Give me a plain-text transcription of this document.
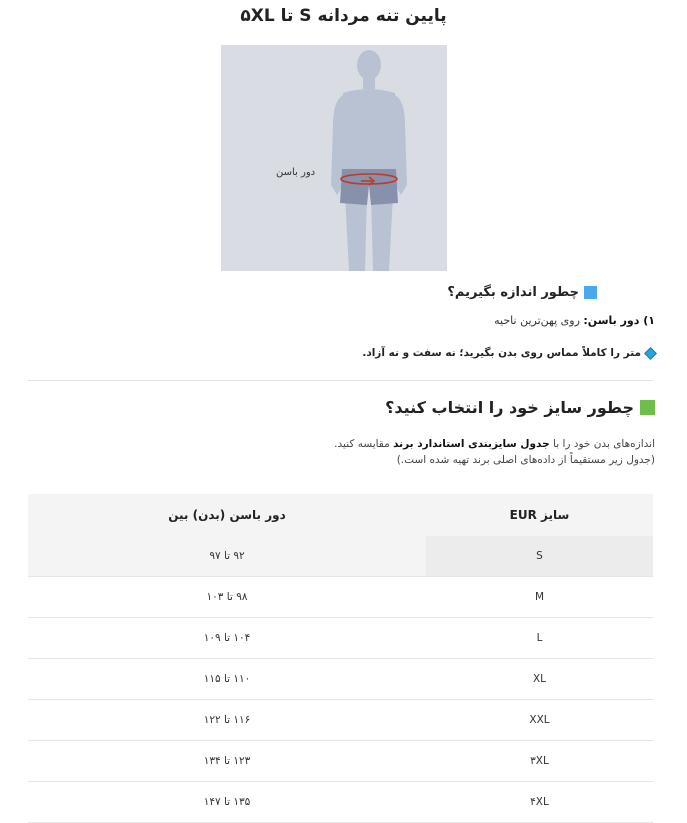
پایین تنه مردانه S تا ۵XL
دور باسن
چطور اندازه بگیریم؟
۱) دور باسن: روی پهن‌ترین ناحیه
متر را کاملاً مماس روی بدن بگیرید؛ نه سفت و نه آزاد.
چطور سایز خود را انتخاب کنید؟
اندازه‌های بدن خود را با جدول سایزبندی استاندارد برند مقایسه کنید.
(جدول زیر مستقیماً از داده‌های اصلی برند تهیه شده است.)
سایز EUR
دور باسن (بدن) بین
S
۹۲ تا ۹۷
M
۹۸ تا ۱۰۳
L
۱۰۴ تا ۱۰۹
XL
۱۱۰ تا ۱۱۵
XXL
۱۱۶ تا ۱۲۲
۳XL
۱۲۳ تا ۱۳۴
۴XL
۱۳۵ تا ۱۴۷
